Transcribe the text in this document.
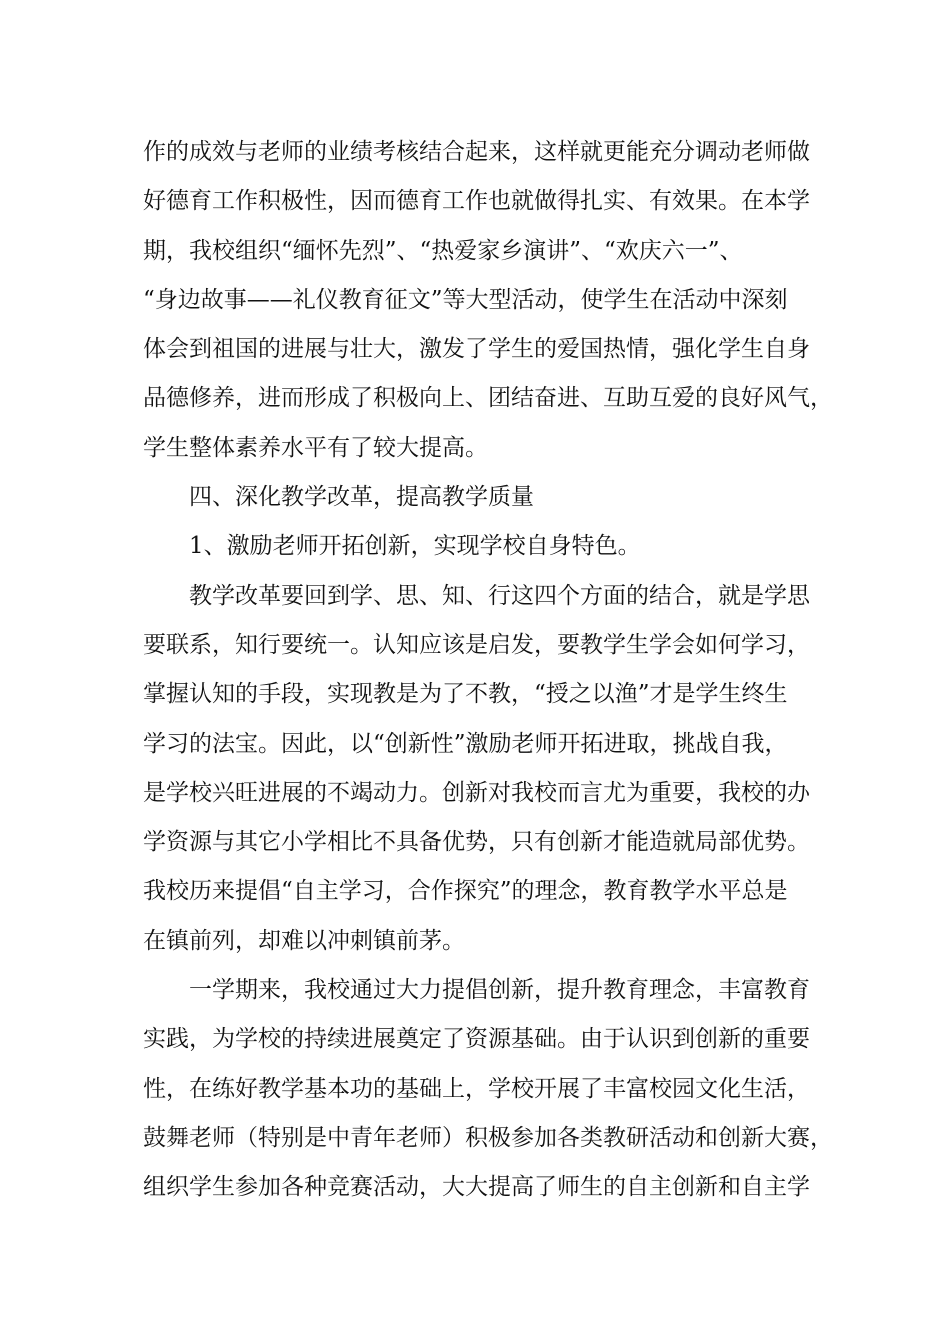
作的成效与老师的业绩考核结合起来，这样就更能充分调动老师做
好德育工作积极性，因而德育工作也就做得扎实、有效果。在本学
期，我校组织“缅怀先烈”、“热爱家乡演讲”、“欢庆六一”、
“身边故事——礼仪教育征文”等大型活动，使学生在活动中深刻
体会到祖国的进展与壮大，激发了学生的爱国热情，强化学生自身
品德修养，进而形成了积极向上、团结奋进、互助互爱的良好风气，
学生整体素养水平有了较大提高。
四、深化教学改革，提高教学质量
1、激励老师开拓创新，实现学校自身特色。
教学改革要回到学、思、知、行这四个方面的结合，就是学思
要联系，知行要统一。认知应该是启发，要教学生学会如何学习，
掌握认知的手段，实现教是为了不教，“授之以渔”才是学生终生
学习的法宝。因此，以“创新性”激励老师开拓进取，挑战自我，
是学校兴旺进展的不竭动力。创新对我校而言尤为重要，我校的办
学资源与其它小学相比不具备优势，只有创新才能造就局部优势。
我校历来提倡“自主学习，合作探究”的理念，教育教学水平总是
在镇前列，却难以冲刺镇前茅。
一学期来，我校通过大力提倡创新，提升教育理念，丰富教育
实践，为学校的持续进展奠定了资源基础。由于认识到创新的重要
性，在练好教学基本功的基础上，学校开展了丰富校园文化生活，
鼓舞老师（特别是中青年老师）积极参加各类教研活动和创新大赛，
组织学生参加各种竞赛活动，大大提高了师生的自主创新和自主学
